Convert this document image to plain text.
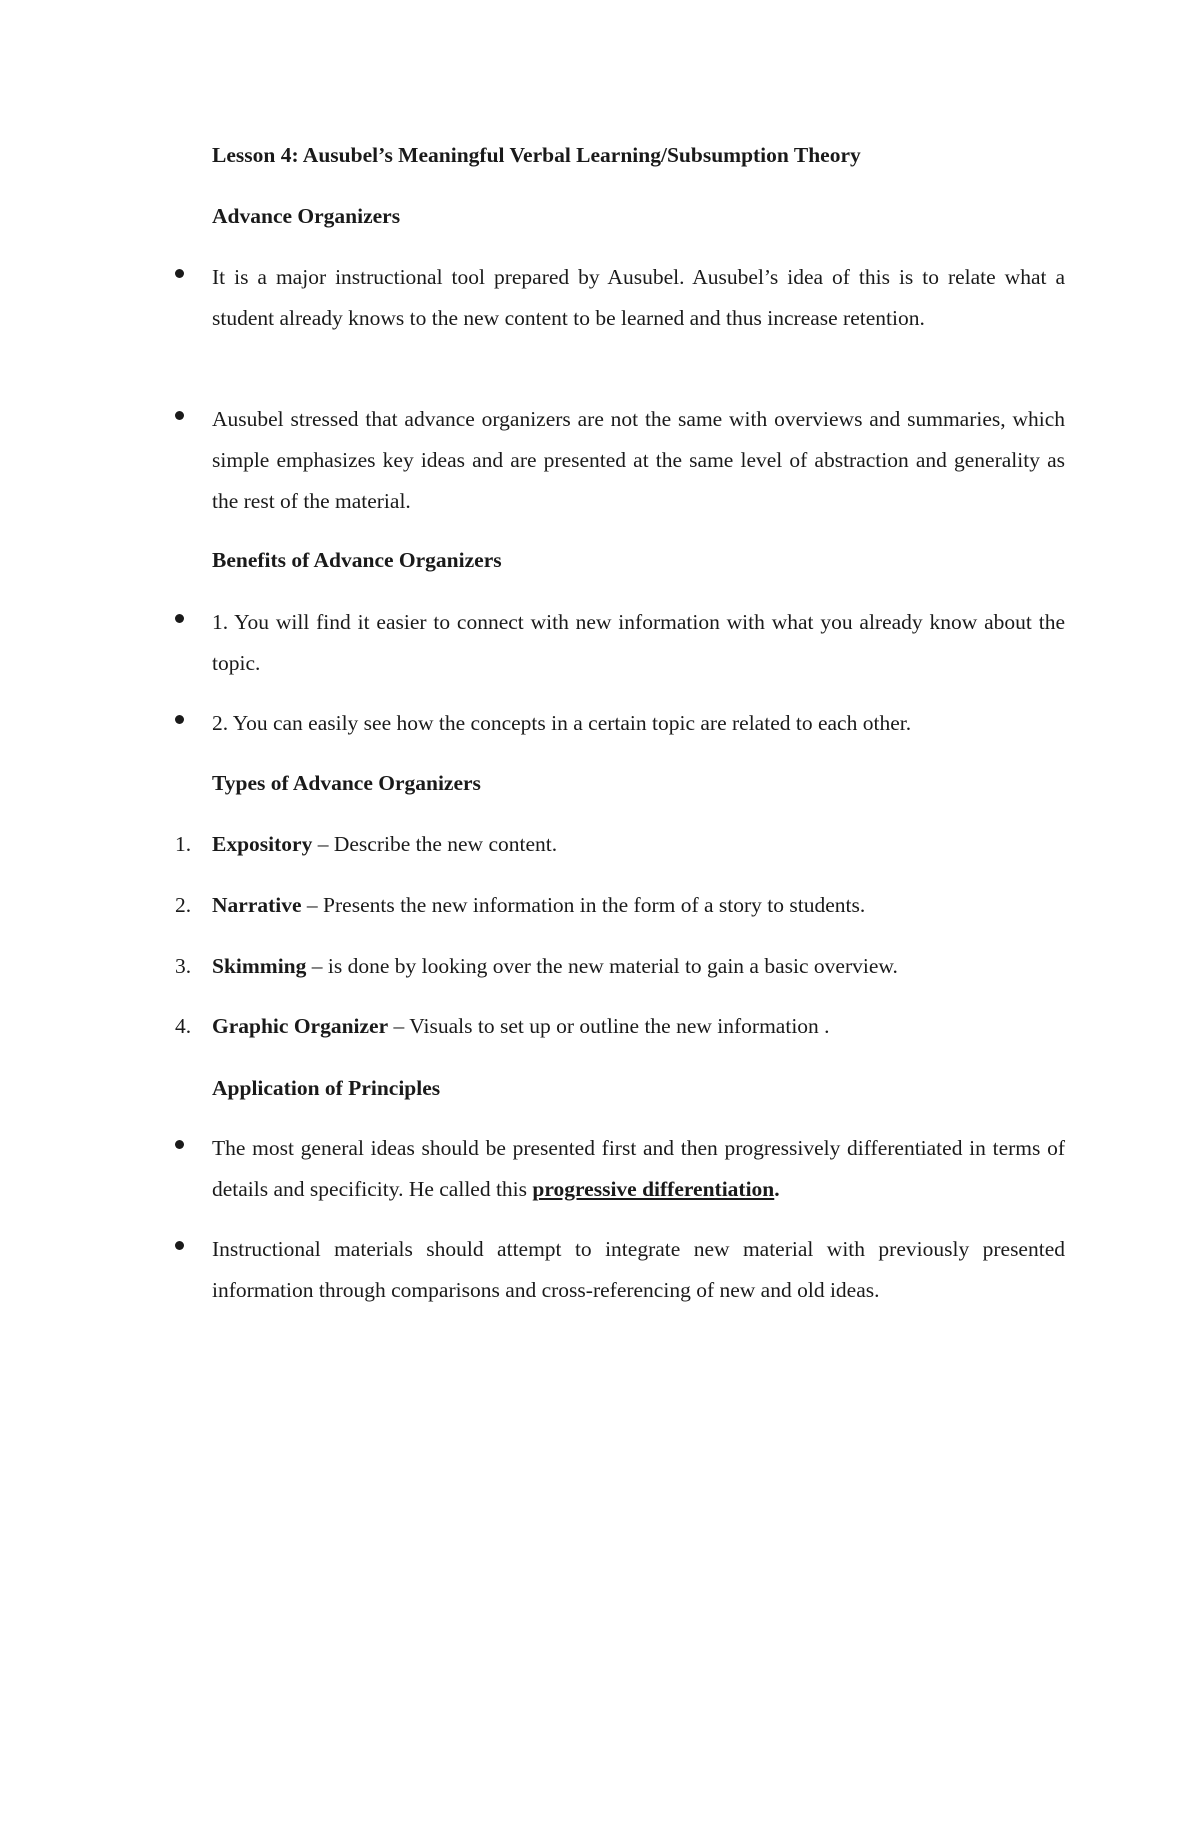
Lesson 4: Ausubel’s Meaningful Verbal Learning/Subsumption Theory
Advance Organizers
It is a major instructional tool prepared by Ausubel. Ausubel’s idea of this is to relate what a student already knows to the new content to be learned and thus increase retention.
Ausubel stressed that advance organizers are not the same with overviews and summaries, which simple emphasizes key ideas and are presented at the same level of abstraction and generality as the rest of the material.
Benefits of Advance Organizers
1. You will find it easier to connect with new information with what you already know about the topic.
2. You can easily see how the concepts in a certain topic are related to each other.
Types of Advance Organizers
1. Expository – Describe the new content.
2. Narrative – Presents the new information in the form of a story to students.
3. Skimming – is done by looking over the new material to gain a basic overview.
4. Graphic Organizer – Visuals to set up or outline the new information .
Application of Principles
The most general ideas should be presented first and then progressively differentiated in terms of details and specificity. He called this progressive differentiation.
Instructional materials should attempt to integrate new material with previously presented information through comparisons and cross-referencing of new and old ideas.
